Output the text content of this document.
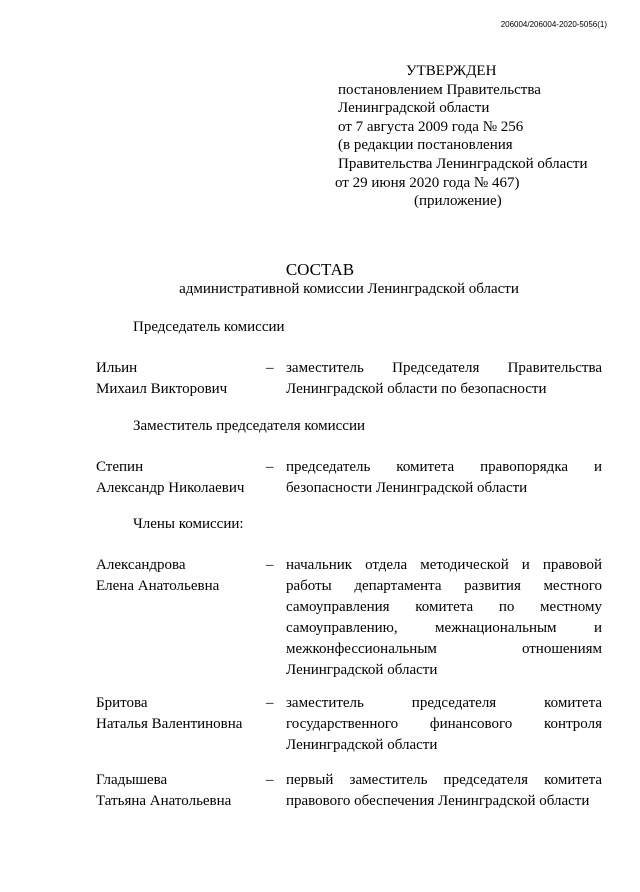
206004/206004-2020-5056(1)
УТВЕРЖДЕН
постановлением Правительства
Ленинградской области
от 7 августа 2009 года № 256
(в редакции постановления
Правительства Ленинградской области
от 29 июня 2020 года № 467)
(приложение)
СОСТАВ
административной комиссии Ленинградской области
Председатель комиссии
Ильин
Михаил Викторович
– заместитель Председателя Правительства Ленинградской области по безопасности
Заместитель председателя комиссии
Степин
Александр Николаевич
– председатель комитета правопорядка и безопасности Ленинградской области
Члены комиссии:
Александрова
Елена Анатольевна
– начальник отдела методической и правовой работы департамента развития местного самоуправления комитета по местному самоуправлению, межнациональным и межконфессиональным отношениям Ленинградской области
Бритова
Наталья Валентиновна
– заместитель председателя комитета государственного финансового контроля Ленинградской области
Гладышева
Татьяна Анатольевна
– первый заместитель председателя комитета правового обеспечения Ленинградской области
